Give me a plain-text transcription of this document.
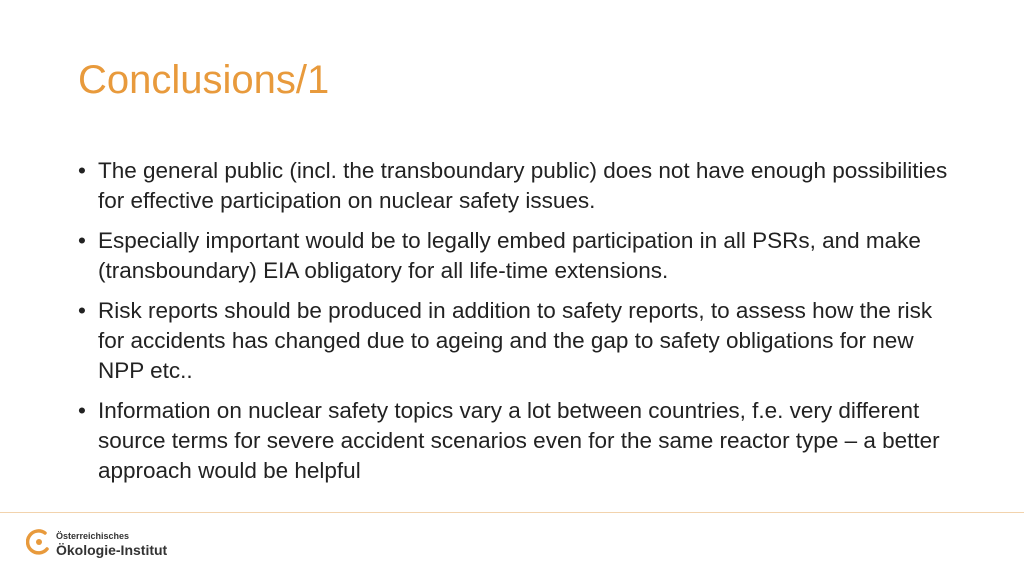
Conclusions/1
• The general public (incl. the transboundary public) does not have enough possibilities for effective participation on nuclear safety issues.
• Especially important would be to legally embed participation in all PSRs, and make (transboundary) EIA obligatory for all life-time extensions.
• Risk reports should be produced in addition to safety reports, to assess how the risk for accidents has changed due to ageing and the gap to safety obligations for new NPP etc..
• Information on nuclear safety topics vary a lot between countries, f.e. very different source terms for severe accident scenarios even for the same reactor type – a better approach would be helpful
Österreichisches
Ökologie-Institut
